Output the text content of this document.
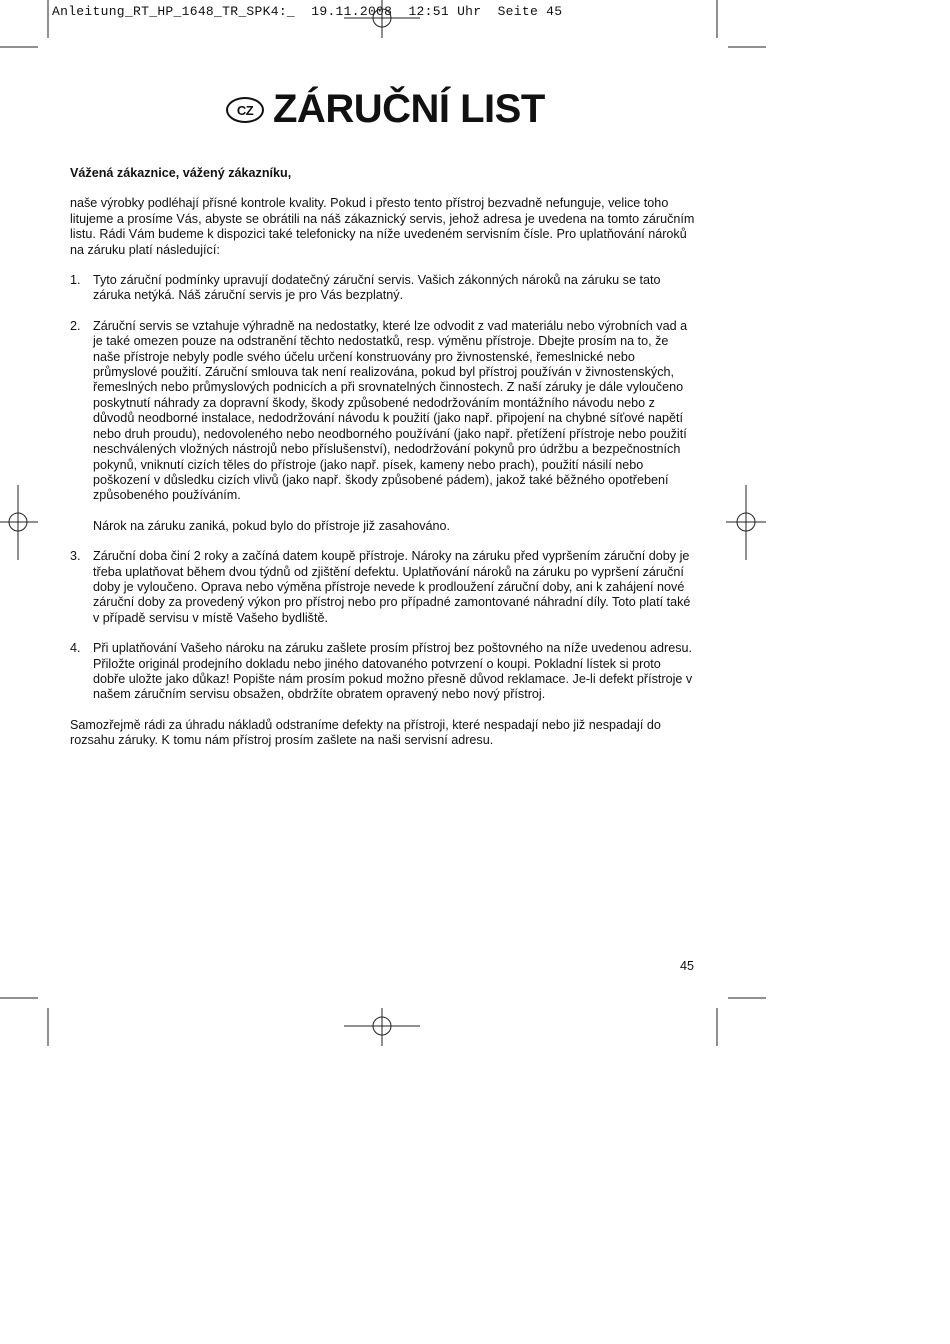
Anleitung_RT_HP_1648_TR_SPK4:_  19.11.2008  12:51 Uhr  Seite 45
CZ ZÁRUČNÍ LIST

Vážená zákaznice, vážený zákazníku,

naše výrobky podléhají přísné kontrole kvality. Pokud i přesto tento přístroj bezvadně nefunguje, velice toho litujeme a prosíme Vás, abyste se obrátili na náš zákaznický servis, jehož adresa je uvedena na tomto záručním listu. Rádi Vám budeme k dispozici také telefonicky na níže uvedeném servisním čísle. Pro uplatňování nároků na záruku platí následující:

1. Tyto záruční podmínky upravují dodatečný záruční servis. Vašich zákonných nároků na záruku se tato záruka netýká. Náš záruční servis je pro Vás bezplatný.
2. Záruční servis se vztahuje výhradně na nedostatky, které lze odvodit z vad materiálu nebo výrobních vad a je také omezen pouze na odstranění těchto nedostatků, resp. výměnu přístroje. Dbejte prosím na to, že naše přístroje nebyly podle svého účelu určení konstruovány pro živnostenské, řemeslnické nebo průmyslové použití. Záruční smlouva tak není realizována, pokud byl přístroj používán v živnostenských, řemeslných nebo průmyslových podnicích a při srovnatelných činnostech. Z naší záruky je dále vyloučeno poskytnutí náhrady za dopravní škody, škody způsobené nedodržováním montážního návodu nebo z důvodů neodborné instalace, nedodržování návodu k použití (jako např. připojení na chybné síťové napětí nebo druh proudu), nedovoleného nebo neodborného používání (jako např. přetížení přístroje nebo použití neschválených vložných nástrojů nebo příslušenství), nedodržování pokynů pro údržbu a bezpečnostních pokynů, vniknutí cizích těles do přístroje (jako např. písek, kameny nebo prach), použití násilí nebo poškození v důsledku cizích vlivů (jako např. škody způsobené pádem), jakož také běžného opotřebení způsobeného používáním.
Nárok na záruku zaniká, pokud bylo do přístroje již zasahováno.
3. Záruční doba činí 2 roky a začíná datem koupě přístroje. Nároky na záruku před vypršením záruční doby je třeba uplatňovat během dvou týdnů od zjištění defektu. Uplatňování nároků na záruku po vypršení záruční doby je vyloučeno. Oprava nebo výměna přístroje nevede k prodloužení záruční doby, ani k zahájení nové záruční doby za provedený výkon pro přístroj nebo pro případné zamontované náhradní díly. Toto platí také v případě servisu v místě Vašeho bydliště.
4. Při uplatňování Vašeho nároku na záruku zašlete prosím přístroj bez poštovného na níže uvedenou adresu. Přiložte originál prodejního dokladu nebo jiného datovaného potvrzení o koupi. Pokladní lístek si proto dobře uložte jako důkaz! Popište nám prosím pokud možno přesně důvod reklamace. Je-li defekt přístroje v našem záručním servisu obsažen, obdržíte obratem opravený nebo nový přístroj.

Samozřejmě rádi za úhradu nákladů odstraníme defekty na přístroji, které nespadají nebo již nespadají do rozsahu záruky. K tomu nám přístroj prosím zašlete na naši servisní adresu.

45
